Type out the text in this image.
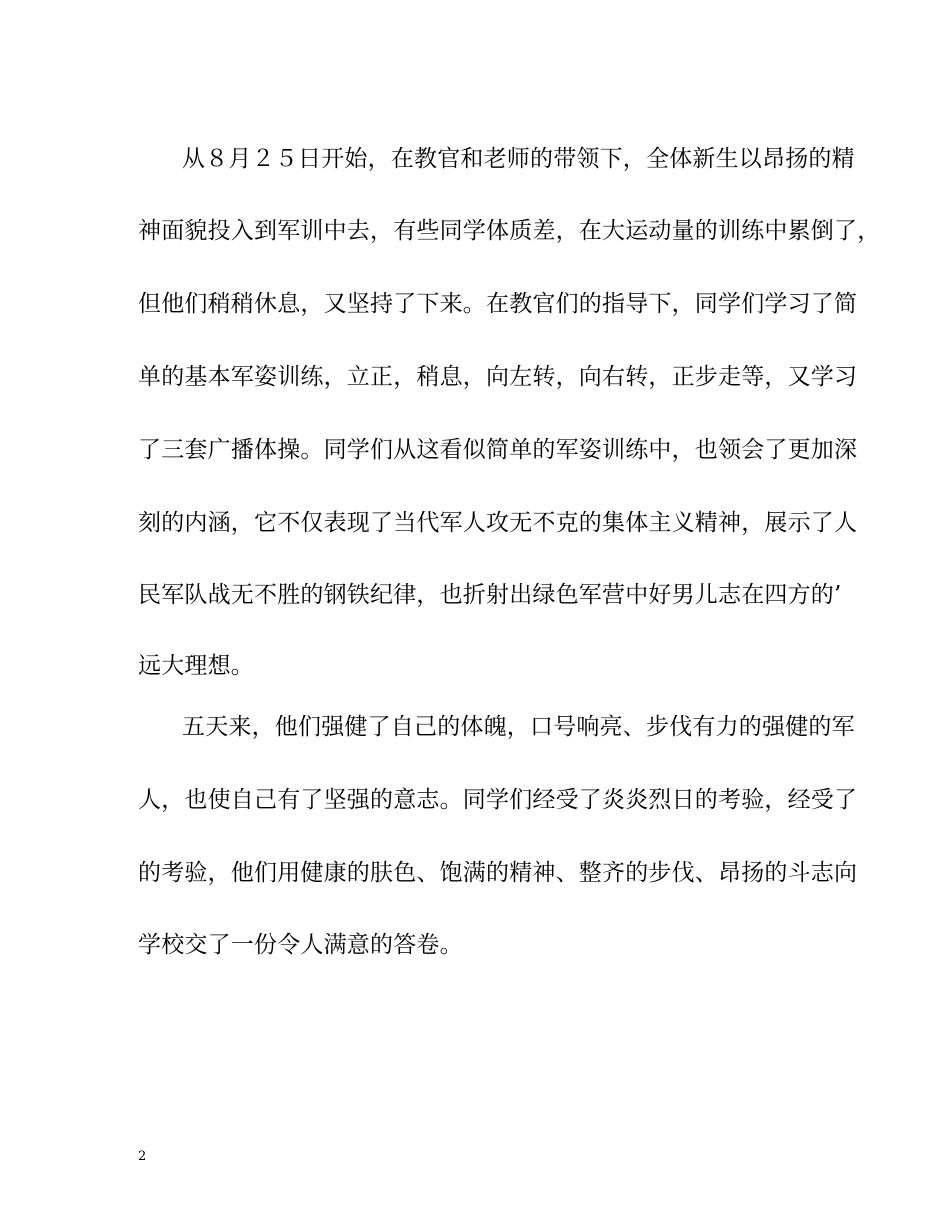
从８月２５日开始，在教官和老师的带领下，全体新生以昂扬的精
神面貌投入到军训中去，有些同学体质差，在大运动量的训练中累倒了，
但他们稍稍休息，又坚持了下来。在教官们的指导下，同学们学习了简
单的基本军姿训练，立正，稍息，向左转，向右转，正步走等，又学习
了三套广播体操。同学们从这看似简单的军姿训练中，也领会了更加深
刻的内涵，它不仅表现了当代军人攻无不克的集体主义精神，展示了人
民军队战无不胜的钢铁纪律，也折射出绿色军营中好男儿志在四方的’
远大理想。
五天来，他们强健了自己的体魄，口号响亮、步伐有力的强健的军
人，也使自己有了坚强的意志。同学们经受了炎炎烈日的考验，经受了
的考验，他们用健康的肤色、饱满的精神、整齐的步伐、昂扬的斗志向
学校交了一份令人满意的答卷。
2
